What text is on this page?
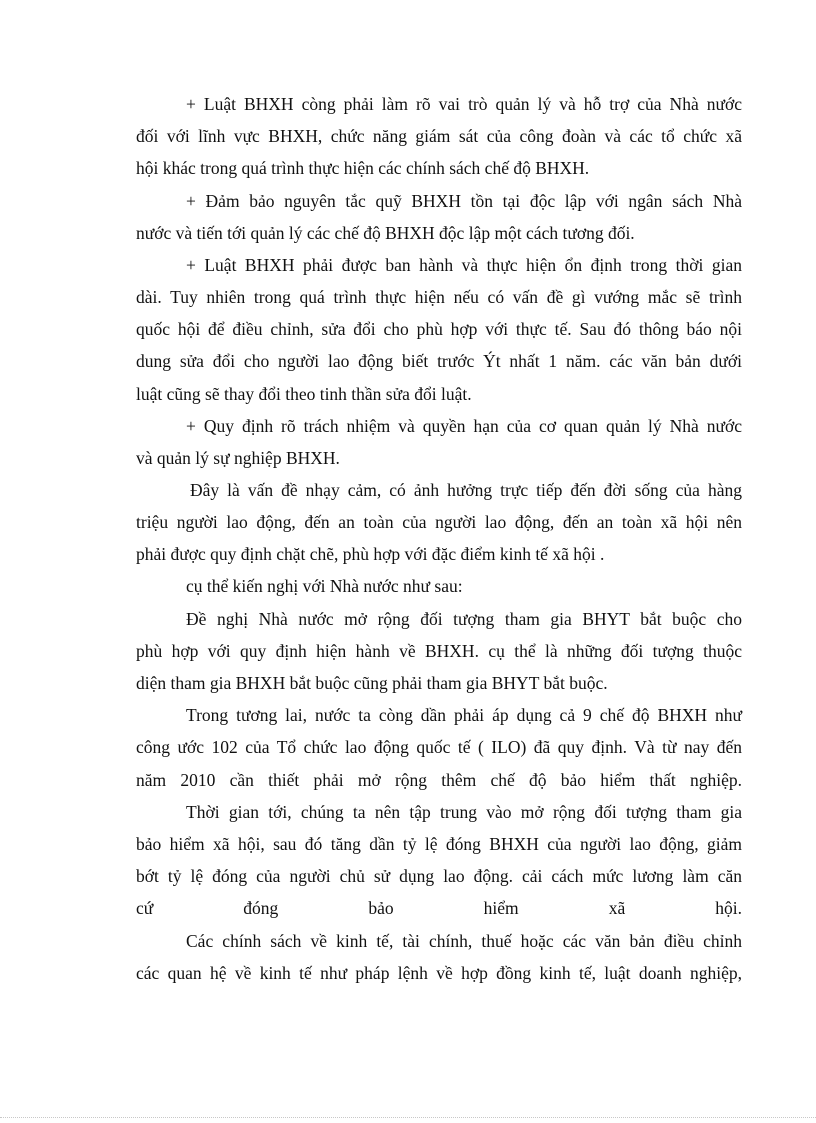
+ Luật BHXH còng phải làm rõ vai trò quản lý và hỗ trợ của Nhà nước
đối với lĩnh vực BHXH, chức năng giám sát của công đoàn và các tổ chức xã
hội khác trong quá trình thực hiện các chính sách chế độ BHXH.
+ Đảm bảo nguyên tắc quỹ BHXH tồn tại độc lập với ngân sách Nhà
nước và tiến tới quản lý các chế độ BHXH độc lập một cách tương đối.
+ Luật BHXH phải được ban hành và thực hiện ổn định trong thời gian
dài. Tuy nhiên trong quá trình thực hiện nếu có vấn đề gì vướng mắc sẽ trình
quốc hội để điều chỉnh, sửa đổi cho phù hợp với thực tế. Sau đó thông báo nội
dung sửa đổi cho người lao động biết trước Ýt nhất 1 năm. các văn bản dưới
luật cũng sẽ thay đổi theo tinh thần sửa đổi luật.
+ Quy định rõ trách nhiệm và quyền hạn của cơ quan quản lý Nhà nước
và quản lý sự nghiệp BHXH.
Đây là vấn đề nhạy cảm, có ảnh hưởng trực tiếp đến đời sống của hàng
triệu người lao động, đến an toàn của người lao động, đến an toàn xã hội nên
phải được quy định chặt chẽ, phù hợp với đặc điểm kinh tế xã hội .
cụ thể kiến nghị với Nhà nước như sau:
Đề nghị Nhà nước mở rộng đối tượng tham gia BHYT bắt buộc cho
phù hợp với quy định hiện hành về BHXH. cụ thể là những đối tượng thuộc
diện tham gia BHXH bắt buộc cũng phải tham gia BHYT bắt buộc.
Trong tương lai, nước ta còng dần phải áp dụng cả 9 chế độ BHXH như
công ước 102 của Tổ chức lao động quốc tế ( ILO) đã quy định. Và từ nay đến
năm 2010 cần thiết phải mở rộng thêm chế độ bảo hiểm thất nghiệp.
Thời gian tới, chúng ta nên tập trung vào mở rộng đối tượng tham gia
bảo hiểm xã hội, sau đó tăng dần tỷ lệ đóng BHXH của người lao động, giảm
bớt tỷ lệ đóng của người chủ sử dụng lao động. cải cách mức lương làm căn
cứ đóng bảo hiểm xã hội.
Các chính sách về kinh tế, tài chính, thuế hoặc các văn bản điều chỉnh
các quan hệ về kinh tế như pháp lệnh về hợp đồng kinh tế, luật doanh nghiệp,
